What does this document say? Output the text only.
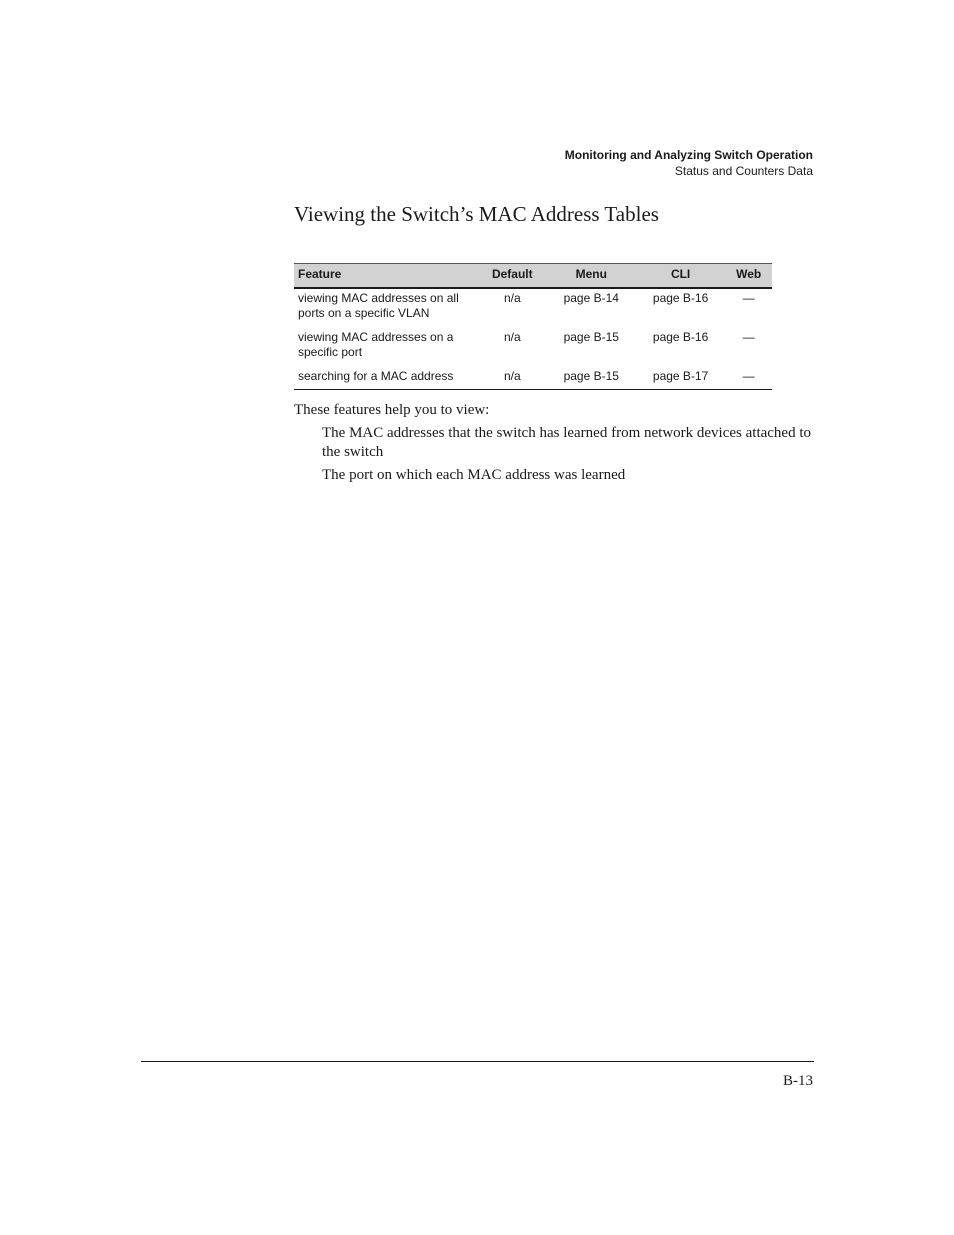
Monitoring and Analyzing Switch Operation
Status and Counters Data
Viewing the Switch’s MAC Address Tables
Feature	Default	Menu	CLI	Web
viewing MAC addresses on all ports on a specific VLAN	n/a	page B-14	page B-16	—
viewing MAC addresses on a specific port	n/a	page B-15	page B-16	—
searching for a MAC address	n/a	page B-15	page B-17	—

These features help you to view:

The MAC addresses that the switch has learned from network devices attached to the switch
The port on which each MAC address was learned
B-13
